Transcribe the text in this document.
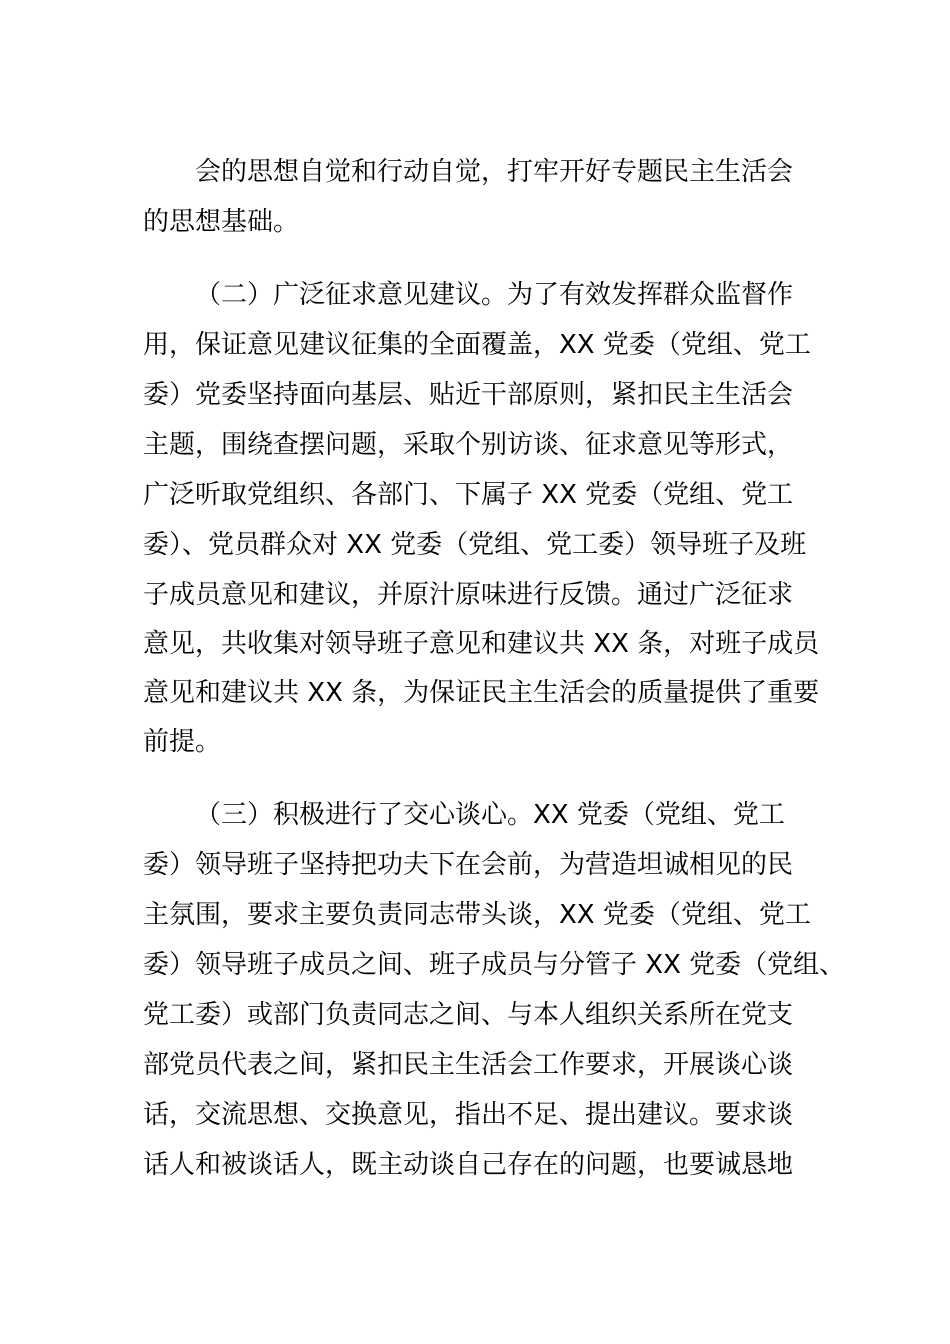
会的思想自觉和行动自觉，打牢开好专题民主生活会
的思想基础。
（二）广泛征求意见建议。为了有效发挥群众监督作
用，保证意见建议征集的全面覆盖，XX 党委（党组、党工
委）党委坚持面向基层、贴近干部原则，紧扣民主生活会
主题，围绕查摆问题，采取个别访谈、征求意见等形式，
广泛听取党组织、各部门、下属子 XX 党委（党组、党工
委）、党员群众对 XX 党委（党组、党工委）领导班子及班
子成员意见和建议，并原汁原味进行反馈。通过广泛征求
意见，共收集对领导班子意见和建议共 XX 条，对班子成员
意见和建议共 XX 条，为保证民主生活会的质量提供了重要
前提。
（三）积极进行了交心谈心。XX 党委（党组、党工
委）领导班子坚持把功夫下在会前，为营造坦诚相见的民
主氛围，要求主要负责同志带头谈，XX 党委（党组、党工
委）领导班子成员之间、班子成员与分管子 XX 党委（党组、
党工委）或部门负责同志之间、与本人组织关系所在党支
部党员代表之间，紧扣民主生活会工作要求，开展谈心谈
话，交流思想、交换意见，指出不足、提出建议。要求谈
话人和被谈话人，既主动谈自己存在的问题，也要诚恳地
